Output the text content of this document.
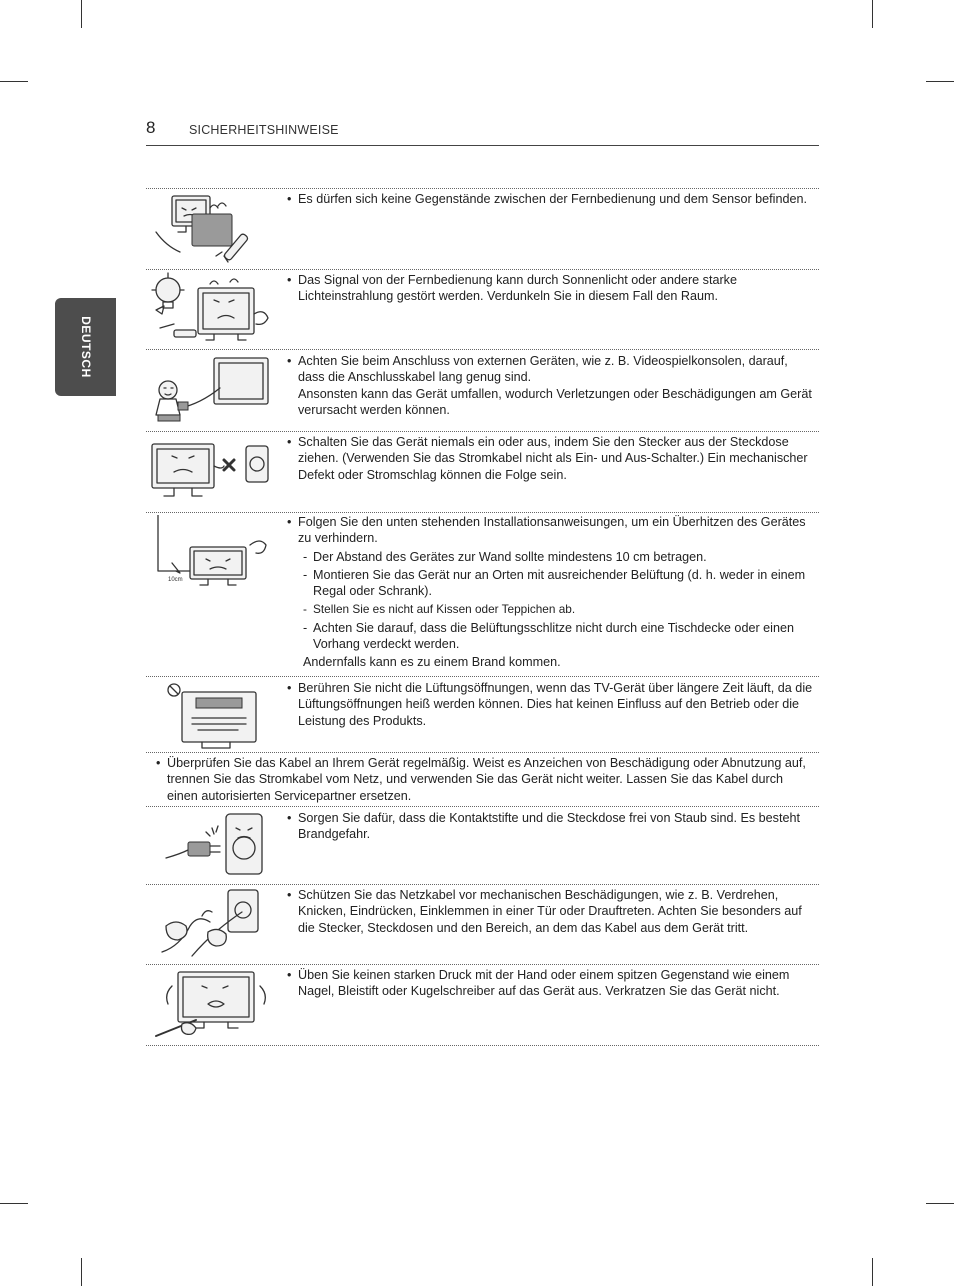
8	SICHERHEITSHINWEISE
DEUTSCH
• Es dürfen sich keine Gegenstände zwischen der Fernbedienung und dem Sensor befinden.
• Das Signal von der Fernbedienung kann durch Sonnenlicht oder andere starke Lichteinstrahlung gestört werden. Verdunkeln Sie in diesem Fall den Raum.
• Achten Sie beim Anschluss von externen Geräten, wie z. B. Videospielkonsolen, darauf, dass die Anschlusskabel lang genug sind.
Ansonsten kann das Gerät umfallen, wodurch Verletzungen oder Beschädigungen am Gerät verursacht werden können.
• Schalten Sie das Gerät niemals ein oder aus, indem Sie den Stecker aus der Steckdose ziehen. (Verwenden Sie das Stromkabel nicht als Ein- und Aus-Schalter.) Ein mechanischer Defekt oder Stromschlag können die Folge sein.
10cm
• Folgen Sie den unten stehenden Installationsanweisungen, um ein Überhitzen des Gerätes zu verhindern.
- Der Abstand des Gerätes zur Wand sollte mindestens 10 cm betragen.
- Montieren Sie das Gerät nur an Orten mit ausreichender Belüftung (d. h. weder in einem Regal oder Schrank).
- Stellen Sie es nicht auf Kissen oder Teppichen ab.
- Achten Sie darauf, dass die Belüftungsschlitze nicht durch eine Tischdecke oder einen Vorhang verdeckt werden.
Andernfalls kann es zu einem Brand kommen.
• Berühren Sie nicht die Lüftungsöffnungen, wenn das TV-Gerät über längere Zeit läuft, da die Lüftungsöffnungen heiß werden können. Dies hat keinen Einfluss auf den Betrieb oder die Leistung des Produkts.
• Überprüfen Sie das Kabel an Ihrem Gerät regelmäßig. Weist es Anzeichen von Beschädigung oder Abnutzung auf, trennen Sie das Stromkabel vom Netz, und verwenden Sie das Gerät nicht weiter. Lassen Sie das Kabel durch einen autorisierten Servicepartner ersetzen.
• Sorgen Sie dafür, dass die Kontaktstifte und die Steckdose frei von Staub sind. Es besteht Brandgefahr.
• Schützen Sie das Netzkabel vor mechanischen Beschädigungen, wie z. B. Verdrehen, Knicken, Eindrücken, Einklemmen in einer Tür oder Drauftreten. Achten Sie besonders auf die Stecker, Steckdosen und den Bereich, an dem das Kabel aus dem Gerät tritt.
• Üben Sie keinen starken Druck mit der Hand oder einem spitzen Gegenstand wie einem Nagel, Bleistift oder Kugelschreiber auf das Gerät aus. Verkratzen Sie das Gerät nicht.
